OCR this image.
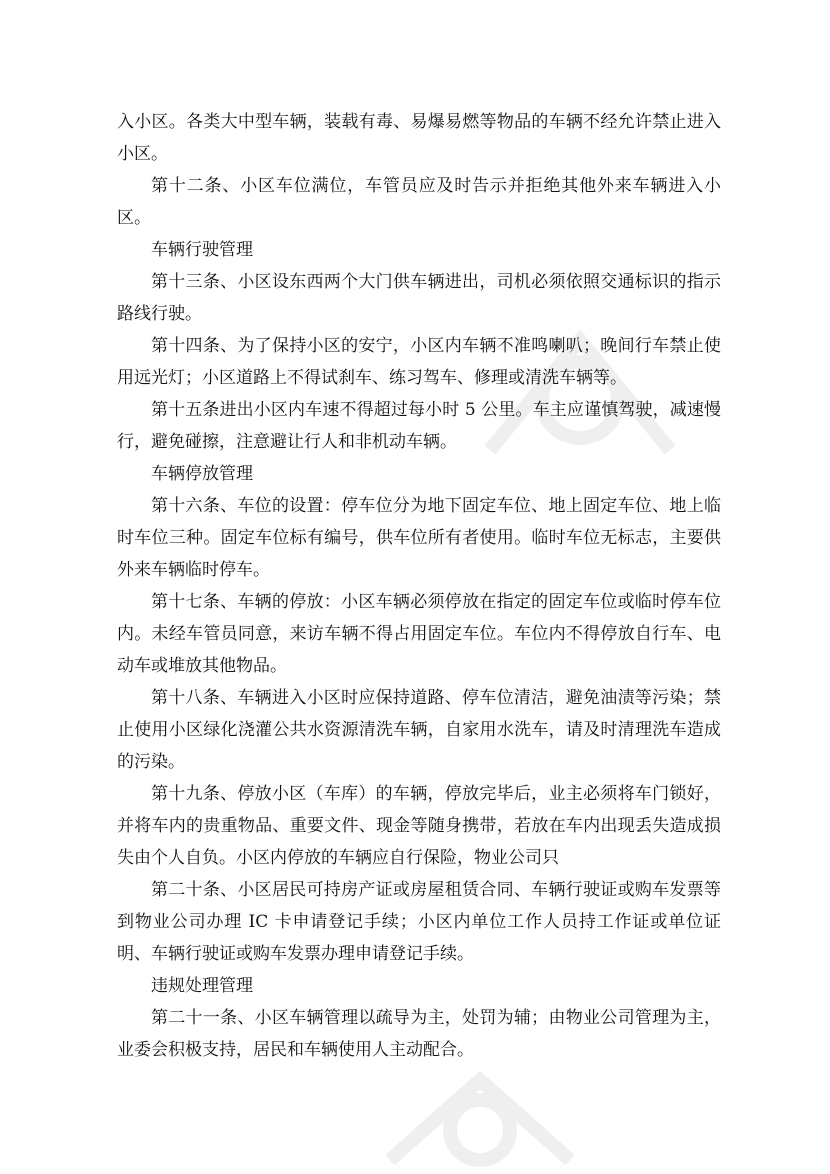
入小区。各类大中型车辆，装载有毒、易爆易燃等物品的车辆不经允许禁止进入小区。

第十二条、小区车位满位，车管员应及时告示并拒绝其他外来车辆进入小区。

车辆行驶管理

第十三条、小区设东西两个大门供车辆进出，司机必须依照交通标识的指示路线行驶。

第十四条、为了保持小区的安宁，小区内车辆不准鸣喇叭；晚间行车禁止使用远光灯；小区道路上不得试刹车、练习驾车、修理或清洗车辆等。

第十五条进出小区内车速不得超过每小时 5 公里。车主应谨慎驾驶，减速慢行，避免碰擦，注意避让行人和非机动车辆。

车辆停放管理

第十六条、车位的设置：停车位分为地下固定车位、地上固定车位、地上临时车位三种。固定车位标有编号，供车位所有者使用。临时车位无标志，主要供外来车辆临时停车。

第十七条、车辆的停放：小区车辆必须停放在指定的固定车位或临时停车位内。未经车管员同意，来访车辆不得占用固定车位。车位内不得停放自行车、电动车或堆放其他物品。

第十八条、车辆进入小区时应保持道路、停车位清洁，避免油渍等污染；禁止使用小区绿化浇灌公共水资源清洗车辆，自家用水洗车，请及时清理洗车造成的污染。

第十九条、停放小区（车库）的车辆，停放完毕后，业主必须将车门锁好，并将车内的贵重物品、重要文件、现金等随身携带，若放在车内出现丢失造成损失由个人自负。小区内停放的车辆应自行保险，物业公司只

第二十条、小区居民可持房产证或房屋租赁合同、车辆行驶证或购车发票等到物业公司办理 IC 卡申请登记手续；小区内单位工作人员持工作证或单位证明、车辆行驶证或购车发票办理申请登记手续。

违规处理管理

第二十一条、小区车辆管理以疏导为主，处罚为辅；由物业公司管理为主，业委会积极支持，居民和车辆使用人主动配合。
